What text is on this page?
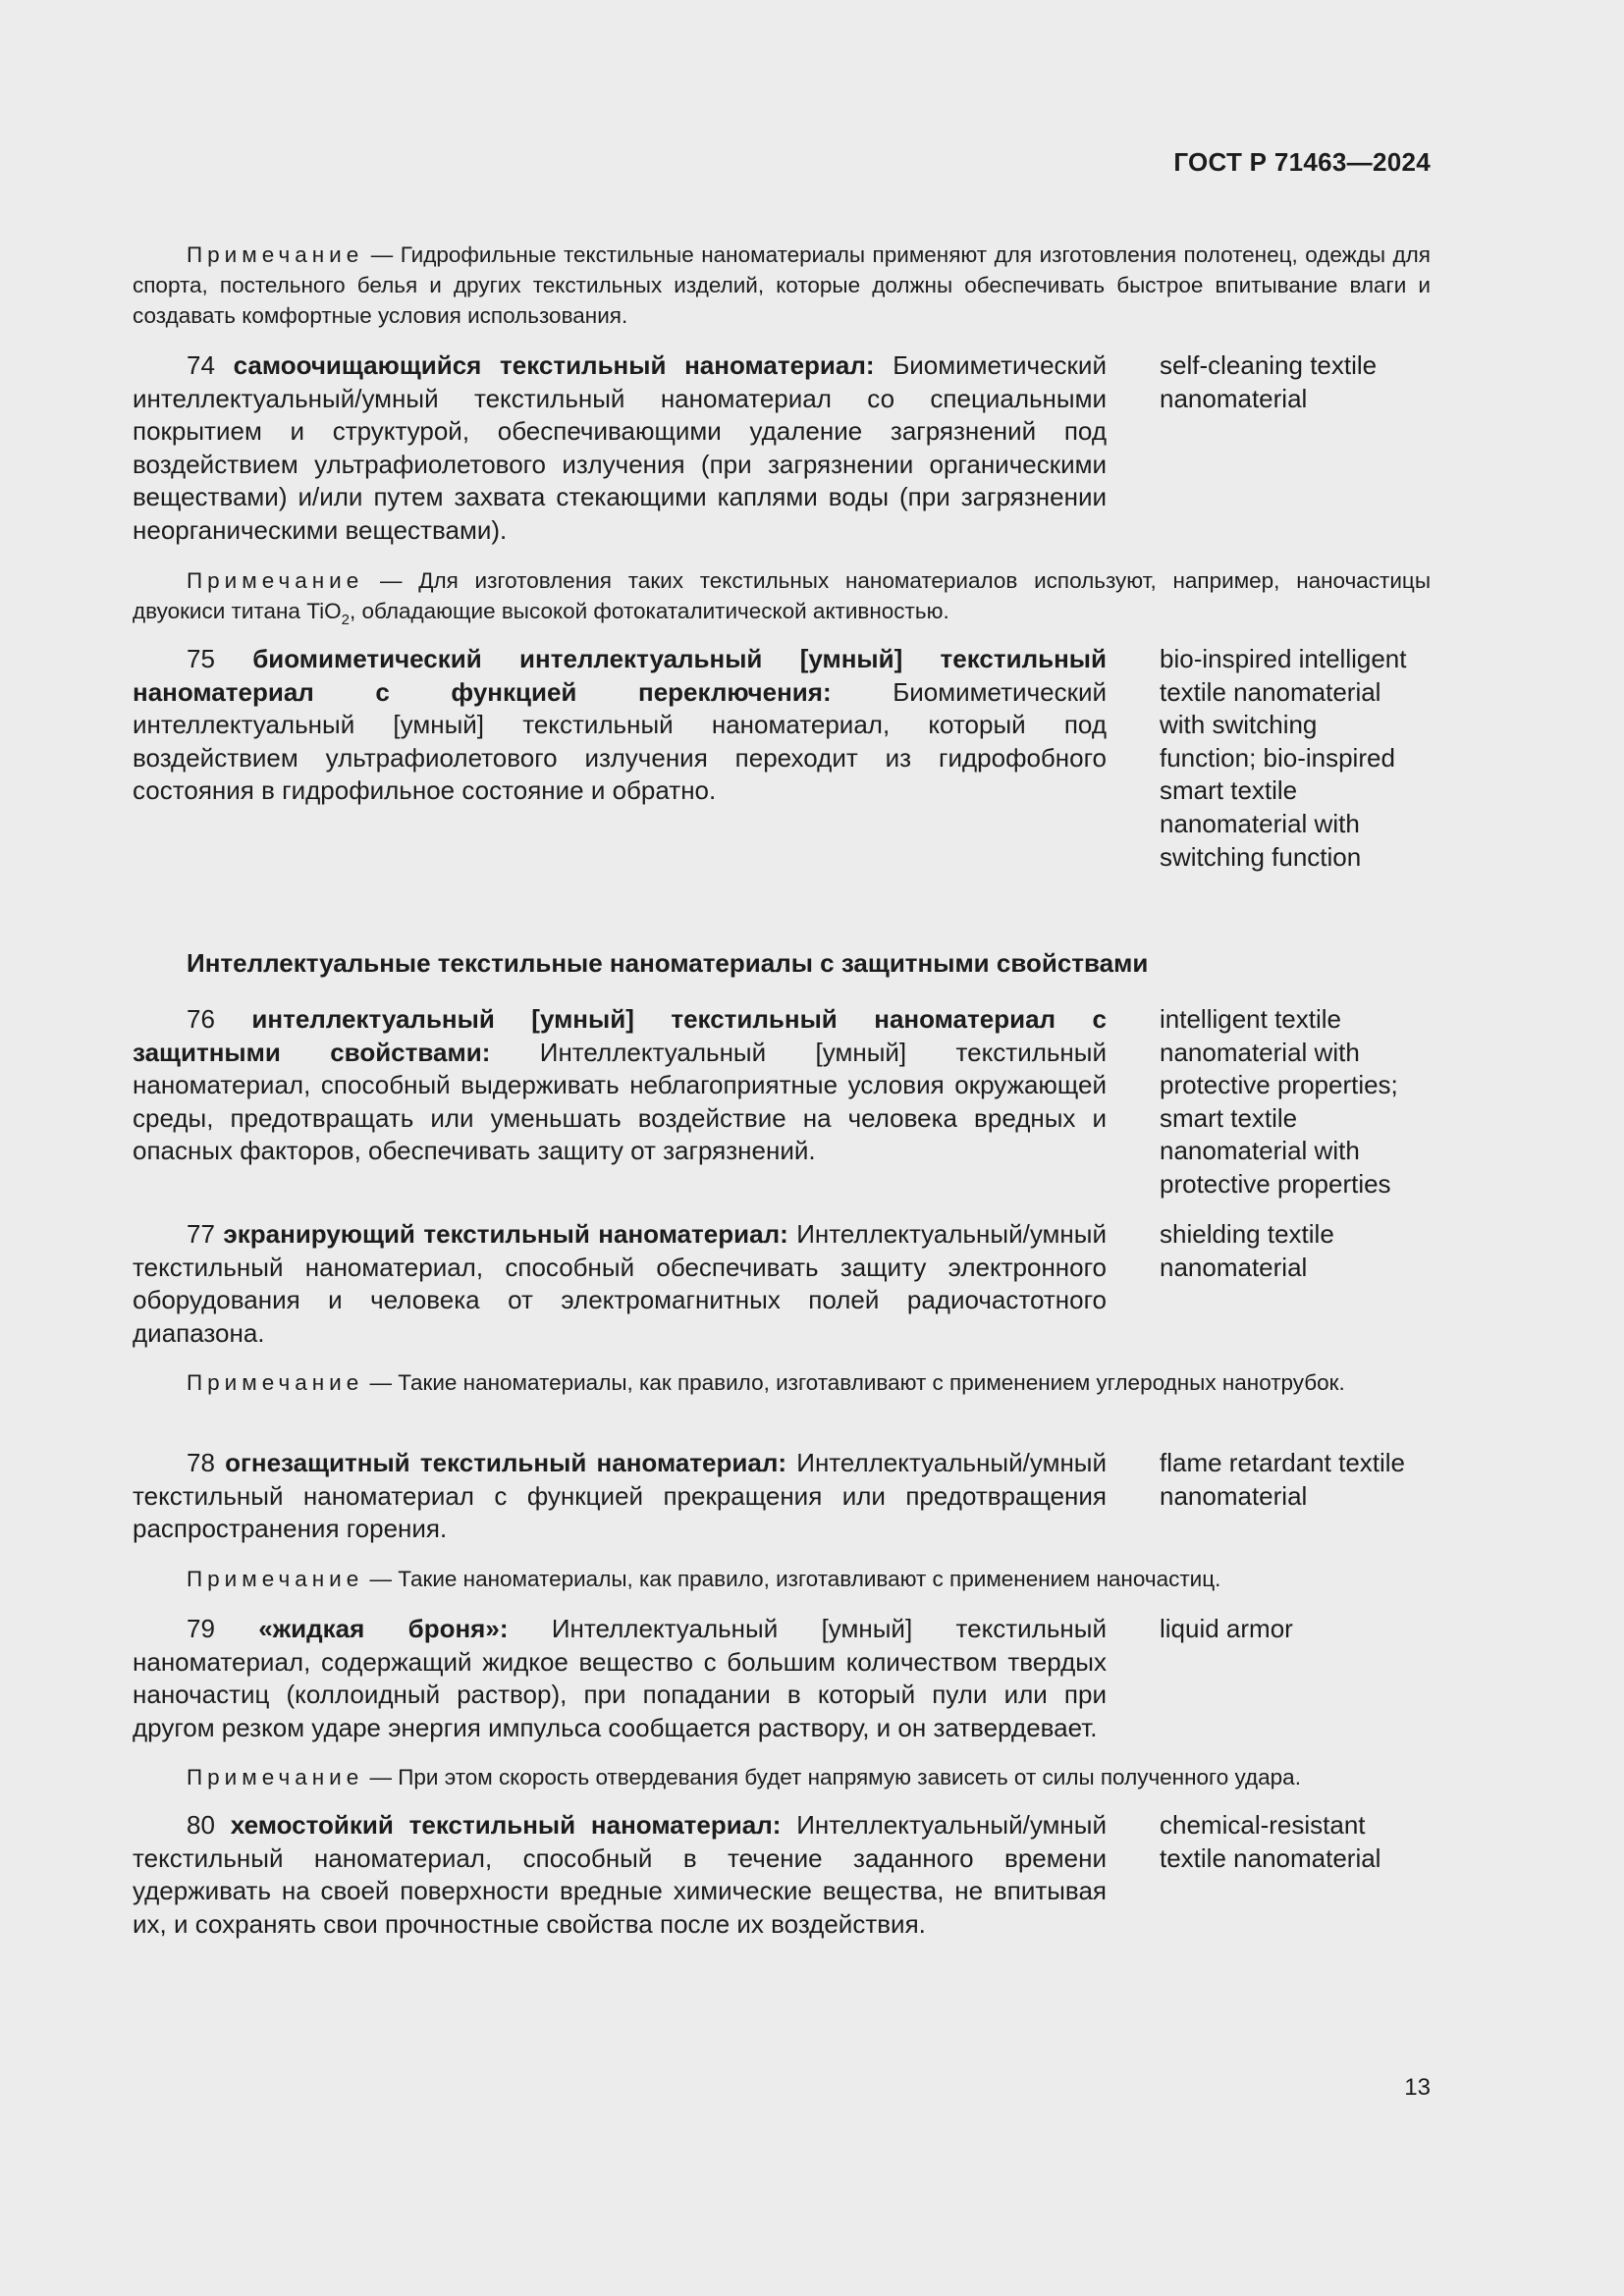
ГОСТ Р 71463—2024
Примечание — Гидрофильные текстильные наноматериалы применяют для изготовления полотенец, одежды для спорта, постельного белья и других текстильных изделий, которые должны обеспечивать быстрое впитывание влаги и создавать комфортные условия использования.
74 самоочищающийся текстильный наноматериал: Биомиметический интеллектуальный/умный текстильный наноматериал со специальными покрытием и структурой, обеспечивающими удаление загрязнений под воздействием ультрафиолетового излучения (при загрязнении органическими веществами) и/или путем захвата стекающими каплями воды (при загрязнении неорганическими веществами).
self-cleaning textile nanomaterial
Примечание — Для изготовления таких текстильных наноматериалов используют, например, наночастицы двуокиси титана TiO$_2$, обладающие высокой фотокаталитической активностью.
75 биомиметический интеллектуальный [умный] текстильный наноматериал с функцией переключения: Биомиметический интеллектуальный [умный] текстильный наноматериал, который под воздействием ультрафиолетового излучения переходит из гидрофобного состояния в гидрофильное состояние и обратно.
bio-inspired intelligent textile nanomaterial with switching function; bio-inspired smart textile nanomaterial with switching function
Интеллектуальные текстильные наноматериалы с защитными свойствами
76 интеллектуальный [умный] текстильный наноматериал с защитными свойствами: Интеллектуальный [умный] текстильный наноматериал, способный выдерживать неблагоприятные условия окружающей среды, предотвращать или уменьшать воздействие на человека вредных и опасных факторов, обеспечивать защиту от загрязнений.
intelligent textile nanomaterial with protective properties; smart textile nanomaterial with protective properties
77 экранирующий текстильный наноматериал: Интеллектуальный/умный текстильный наноматериал, способный обеспечивать защиту электронного оборудования и человека от электромагнитных полей радиочастотного диапазона.
shielding textile nanomaterial
Примечание — Такие наноматериалы, как правило, изготавливают с применением углеродных нанотрубок.
78 огнезащитный текстильный наноматериал: Интеллектуальный/умный текстильный наноматериал с функцией прекращения или предотвращения распространения горения.
flame retardant textile nanomaterial
Примечание — Такие наноматериалы, как правило, изготавливают с применением наночастиц.
79 «жидкая броня»: Интеллектуальный [умный] текстильный наноматериал, содержащий жидкое вещество с большим количеством твердых наночастиц (коллоидный раствор), при попадании в который пули или при другом резком ударе энергия импульса сообщается раствору, и он затвердевает.
liquid armor
Примечание — При этом скорость отвердевания будет напрямую зависеть от силы полученного удара.
80 хемостойкий текстильный наноматериал: Интеллектуальный/умный текстильный наноматериал, способный в течение заданного времени удерживать на своей поверхности вредные химические вещества, не впитывая их, и сохранять свои прочностные свойства после их воздействия.
chemical-resistant textile nanomaterial
13
